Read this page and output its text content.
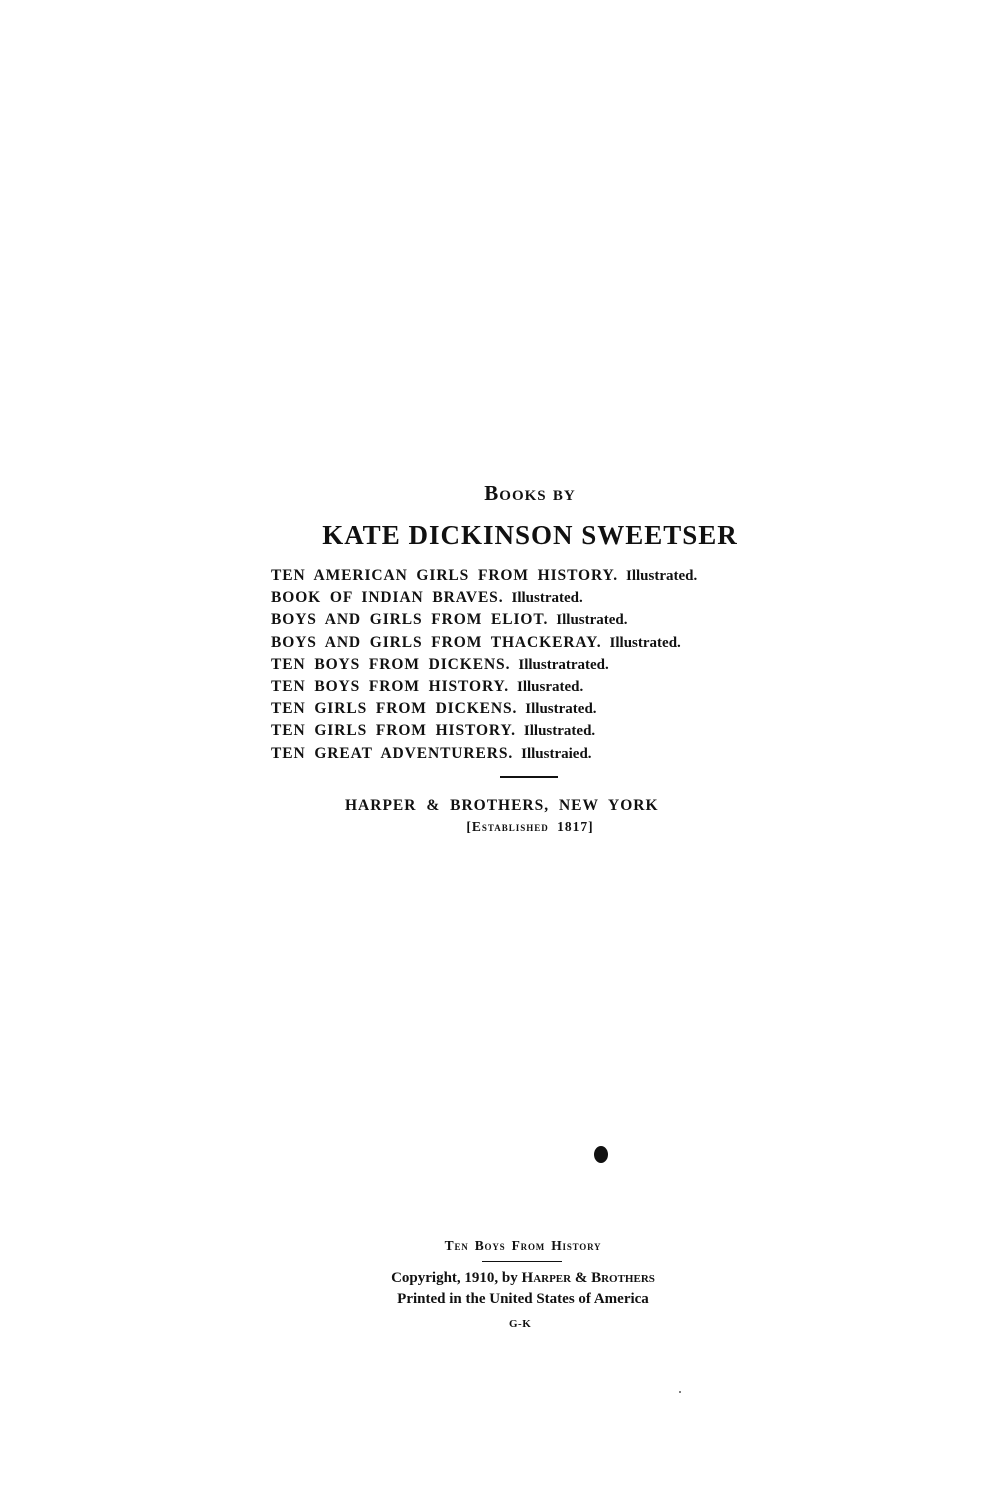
Books by
KATE DICKINSON SWEETSER
TEN AMERICAN GIRLS FROM HISTORY. Illustrated.
BOOK OF INDIAN BRAVES. Illustrated.
BOYS AND GIRLS FROM ELIOT. Illustrated.
BOYS AND GIRLS FROM THACKERAY. Illustrated.
TEN BOYS FROM DICKENS. Illustratrated.
TEN BOYS FROM HISTORY. Illusrated.
TEN GIRLS FROM DICKENS. Illustrated.
TEN GIRLS FROM HISTORY. Illustrated.
TEN GREAT ADVENTURERS. Illustraied.
HARPER & BROTHERS, NEW YORK
[Established 1817]
Ten Boys From History
Copyright, 1910, by Harper & Brothers
Printed in the United States of America
G-K
